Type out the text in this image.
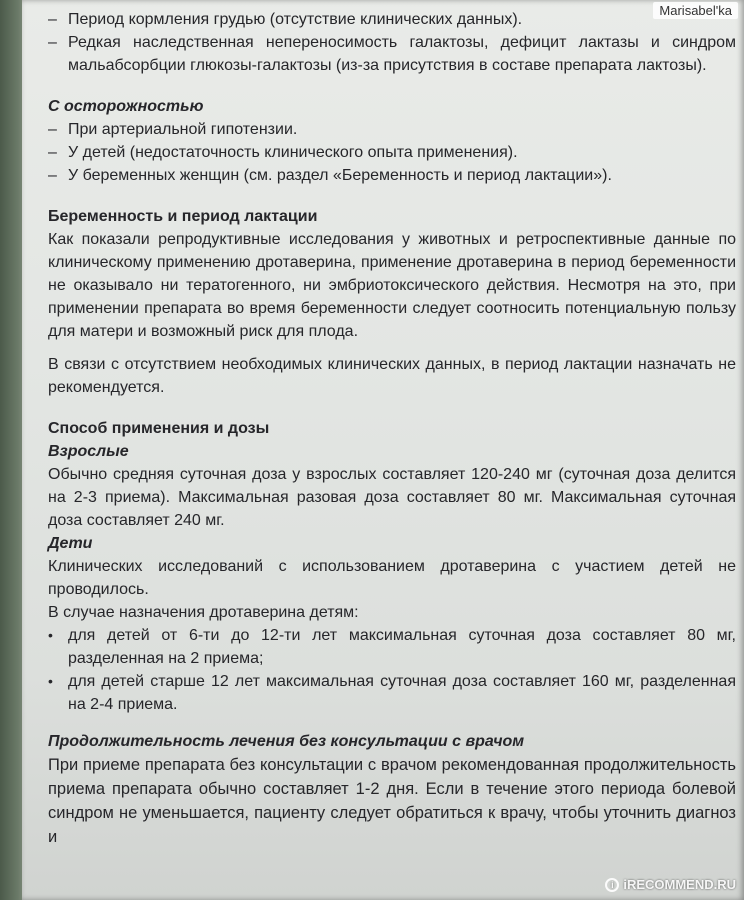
– Период кормления грудью (отсутствие клинических данных).
– Редкая наследственная непереносимость галактозы, дефицит лактазы и синдром мальабсорбции глюкозы-галактозы (из-за присутствия в составе препарата лактозы).
С осторожностью
– При артериальной гипотензии.
– У детей (недостаточность клинического опыта применения).
– У беременных женщин (см. раздел «Беременность и период лактации»).
Беременность и период лактации
Как показали репродуктивные исследования у животных и ретроспективные данные по клиническому применению дротаверина, применение дротаверина в период беременности не оказывало ни тератогенного, ни эмбриотоксического действия. Несмотря на это, при применении препарата во время беременности следует соотносить потенциальную пользу для матери и возможный риск для плода.
В связи с отсутствием необходимых клинических данных, в период лактации назначать не рекомендуется.
Способ применения и дозы
Взрослые
Обычно средняя суточная доза у взрослых составляет 120-240 мг (суточная доза делится на 2-3 приема). Максимальная разовая доза составляет 80 мг. Максимальная суточная доза составляет 240 мг.
Дети
Клинических исследований с использованием дротаверина с участием детей не проводилось.
В случае назначения дротаверина детям:
• для детей от 6-ти до 12-ти лет максимальная суточная доза составляет 80 мг, разделенная на 2 приема;
• для детей старше 12 лет максимальная суточная доза составляет 160 мг, разделенная на 2-4 приема.
Продолжительность лечения без консультации с врачом
При приеме препарата без консультации с врачом рекомендованная продолжительность приема препарата обычно составляет 1-2 дня. Если в течение этого периода болевой синдром не уменьшается, пациенту следует обратиться к врачу, чтобы уточнить диагноз и
Marisabel'ka
i iRECOMMEND.RU
